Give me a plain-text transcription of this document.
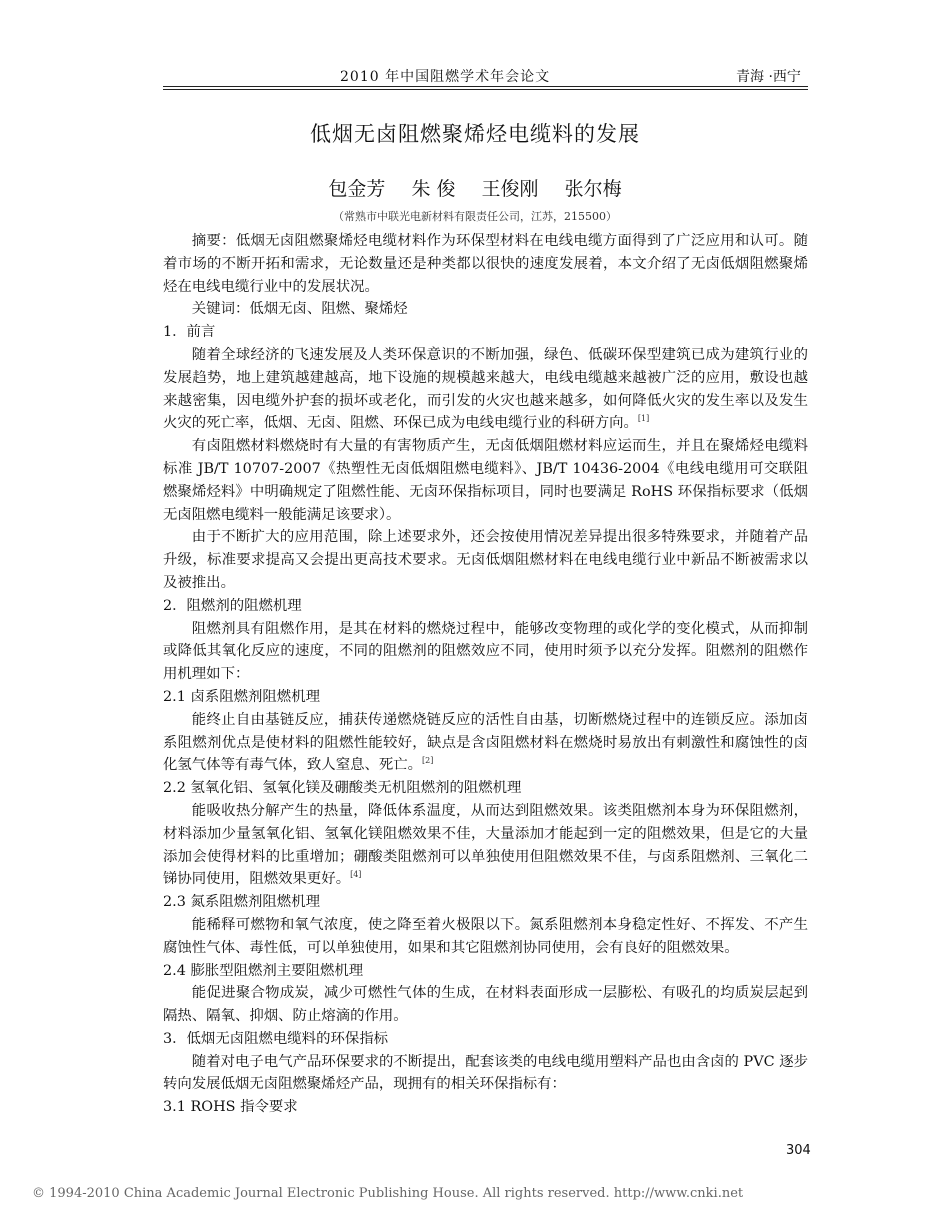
2010 年中国阻燃学术年会论文	青海 ·西宁
低烟无卤阻燃聚烯烃电缆料的发展
包金芳 朱 俊 王俊刚 张尔梅
（常熟市中联光电新材料有限责任公司，江苏，215500）

摘要：低烟无卤阻燃聚烯烃电缆材料作为环保型材料在电线电缆方面得到了广泛应用和认可。随着市场的不断开拓和需求，无论数量还是种类都以很快的速度发展着，本文介绍了无卤低烟阻燃聚烯烃在电线电缆行业中的发展状况。

关键词：低烟无卤、阻燃、聚烯烃

1．前言

随着全球经济的飞速发展及人类环保意识的不断加强，绿色、低碳环保型建筑已成为建筑行业的发展趋势，地上建筑越建越高，地下设施的规模越来越大，电线电缆越来越被广泛的应用，敷设也越来越密集，因电缆外护套的损坏或老化，而引发的火灾也越来越多，如何降低火灾的发生率以及发生火灾的死亡率，低烟、无卤、阻燃、环保已成为电线电缆行业的科研方向。[1]

有卤阻燃材料燃烧时有大量的有害物质产生，无卤低烟阻燃材料应运而生，并且在聚烯烃电缆料标准 JB/T 10707-2007《热塑性无卤低烟阻燃电缆料》、JB/T 10436-2004《电线电缆用可交联阻燃聚烯烃料》中明确规定了阻燃性能、无卤环保指标项目，同时也要满足 RoHS 环保指标要求（低烟无卤阻燃电缆料一般能满足该要求）。

由于不断扩大的应用范围，除上述要求外，还会按使用情况差异提出很多特殊要求，并随着产品升级，标准要求提高又会提出更高技术要求。无卤低烟阻燃材料在电线电缆行业中新品不断被需求以及被推出。

2．阻燃剂的阻燃机理

阻燃剂具有阻燃作用，是其在材料的燃烧过程中，能够改变物理的或化学的变化模式，从而抑制或降低其氧化反应的速度，不同的阻燃剂的阻燃效应不同，使用时须予以充分发挥。阻燃剂的阻燃作用机理如下：

2.1 卤系阻燃剂阻燃机理

能终止自由基链反应，捕获传递燃烧链反应的活性自由基，切断燃烧过程中的连锁反应。添加卤系阻燃剂优点是使材料的阻燃性能较好，缺点是含卤阻燃材料在燃烧时易放出有刺激性和腐蚀性的卤化氢气体等有毒气体，致人窒息、死亡。[2]

2.2 氢氧化铝、氢氧化镁及硼酸类无机阻燃剂的阻燃机理

能吸收热分解产生的热量，降低体系温度，从而达到阻燃效果。该类阻燃剂本身为环保阻燃剂，材料添加少量氢氧化铝、氢氧化镁阻燃效果不佳，大量添加才能起到一定的阻燃效果，但是它的大量添加会使得材料的比重增加；硼酸类阻燃剂可以单独使用但阻燃效果不佳，与卤系阻燃剂、三氧化二锑协同使用，阻燃效果更好。[4]

2.3 氮系阻燃剂阻燃机理

能稀释可燃物和氧气浓度，使之降至着火极限以下。氮系阻燃剂本身稳定性好、不挥发、不产生腐蚀性气体、毒性低，可以单独使用，如果和其它阻燃剂协同使用，会有良好的阻燃效果。

2.4 膨胀型阻燃剂主要阻燃机理

能促进聚合物成炭，减少可燃性气体的生成，在材料表面形成一层膨松、有吸孔的均质炭层起到隔热、隔氧、抑烟、防止熔滴的作用。

3．低烟无卤阻燃电缆料的环保指标

随着对电子电气产品环保要求的不断提出，配套该类的电线电缆用塑料产品也由含卤的 PVC 逐步转向发展低烟无卤阻燃聚烯烃产品，现拥有的相关环保指标有：

3.1 ROHS 指令要求
304
© 1994-2010 China Academic Journal Electronic Publishing House. All rights reserved. http://www.cnki.net
